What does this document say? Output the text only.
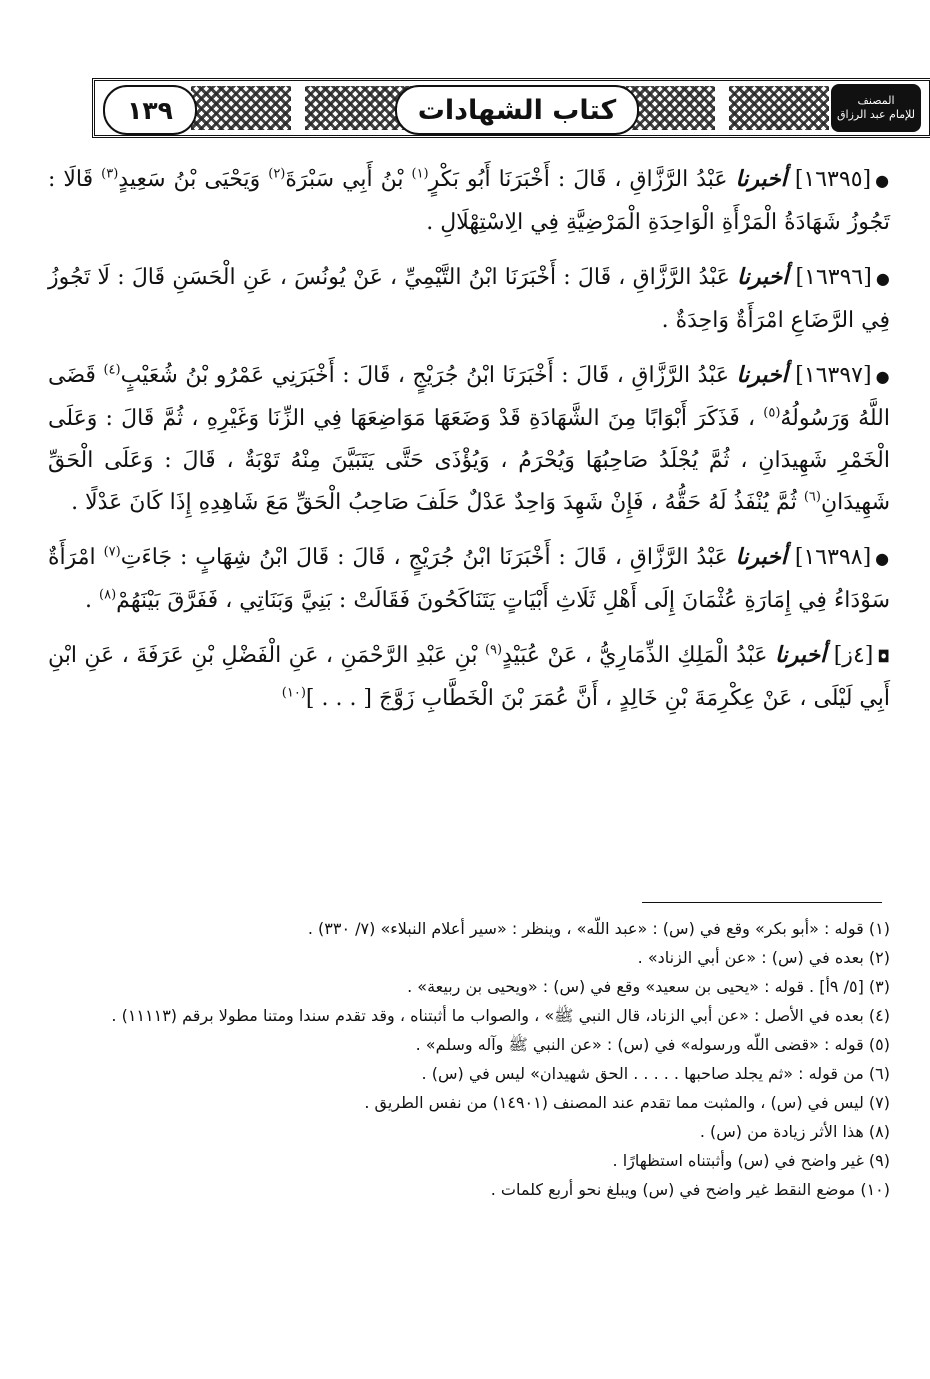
المصنف
للإمام عبد الرزاق
كتاب الشهادات
١٣٩

●[١٦٣٩٥] أخبرنا عَبْدُ الرَّزَّاقِ ، قَالَ : أَخْبَرَنَا أَبُو بَكْرٍ$^{(١)}$ بْنُ أَبِي سَبْرَةَ$^{(٢)}$ وَيَحْيَى بْنُ سَعِيدٍ$^{(٣)}$ قَالَا : تَجُوزُ شَهَادَةُ الْمَرْأَةِ الْوَاحِدَةِ الْمَرْضِيَّةِ فِي الِاسْتِهْلَالِ .

●[١٦٣٩٦] أخبرنا عَبْدُ الرَّزَّاقِ ، قَالَ : أَخْبَرَنَا ابْنُ التَّيْمِيِّ ، عَنْ يُونُسَ ، عَنِ الْحَسَنِ قَالَ : لَا تَجُوزُ فِي الرَّضَاعِ امْرَأَةٌ وَاحِدَةٌ .

●[١٦٣٩٧] أخبرنا عَبْدُ الرَّزَّاقِ ، قَالَ : أَخْبَرَنَا ابْنُ جُرَيْجٍ ، قَالَ : أَخْبَرَنِي عَمْرُو بْنُ شُعَيْبٍ$^{(٤)}$ قَضَى اللَّهُ وَرَسُولُهُ$^{(٥)}$ ، فَذَكَرَ أَبْوَابًا مِنَ الشَّهَادَةِ قَدْ وَضَعَهَا مَوَاضِعَهَا فِي الزِّنَا وَغَيْرِهِ ، ثُمَّ قَالَ : وَعَلَى الْخَمْرِ شَهِيدَانِ ، ثُمَّ يُجْلَدُ صَاحِبُهَا وَيُحْرَمُ ، وَيُؤْذَى حَتَّى يَتَبَيَّنَ مِنْهُ تَوْبَةٌ ، قَالَ : وَعَلَى الْحَقِّ شَهِيدَانِ$^{(٦)}$ ثُمَّ يُنْفَذُ لَهُ حَقُّهُ ، فَإِنْ شَهِدَ وَاحِدٌ عَدْلٌ حَلَفَ صَاحِبُ الْحَقِّ مَعَ شَاهِدِهِ إِذَا كَانَ عَدْلًا .

●[١٦٣٩٨] أخبرنا عَبْدُ الرَّزَّاقِ ، قَالَ : أَخْبَرَنَا ابْنُ جُرَيْجٍ ، قَالَ : قَالَ ابْنُ شِهَابٍ : جَاءَتِ$^{(٧)}$ امْرَأَةٌ سَوْدَاءُ فِي إِمَارَةِ عُثْمَانَ إِلَى أَهْلِ ثَلَاثِ أَبْيَاتٍ يَتَنَاكَحُونَ فَقَالَتْ : بَنِيَّ وَبَنَاتِي ، فَفَرَّقَ بَيْنَهُمْ$^{(٨)}$ .

◘[٤ز] أخبرنا عَبْدُ الْمَلِكِ الذِّمَارِيُّ ، عَنْ عُبَيْدٍ$^{(٩)}$ بْنِ عَبْدِ الرَّحْمَنِ ، عَنِ الْفَضْلِ بْنِ عَرَفَةَ ، عَنِ ابْنِ أَبِي لَيْلَى ، عَنْ عِكْرِمَةَ بْنِ خَالِدٍ ، أَنَّ عُمَرَ بْنَ الْخَطَّابِ زَوَّجَ [ . . . ]$^{(١٠)}$

(١) قوله : «أبو بكر» وقع في (س) : «عبد اللّه» ، وينظر : «سير أعلام النبلاء» (٧/ ٣٣٠) .

(٢) بعده في (س) : «عن أبي الزناد» .

(٣) [٥/ ٩أ] . قوله : «يحيى بن سعيد» وقع في (س) : «ويحيى بن ربيعة» .

(٤) بعده في الأصل : «عن أبي الزناد، قال النبي ﷺ» ، والصواب ما أثبتناه ، وقد تقدم سندا ومتنا مطولا برقم (١١١١٣) .

(٥) قوله : «قضى اللّه ورسوله» في (س) : «عن النبي ﷺ وآله وسلم» .

(٦) من قوله : «ثم يجلد صاحبها . . . . . الحق شهيدان» ليس في (س) .

(٧) ليس في (س) ، والمثبت مما تقدم عند المصنف (١٤٩٠١) من نفس الطريق .

(٨) هذا الأثر زيادة من (س) .

(٩) غير واضح في (س) وأثبتناه استظهارًا .

(١٠) موضع النقط غير واضح في (س) ويبلغ نحو أربع كلمات .
